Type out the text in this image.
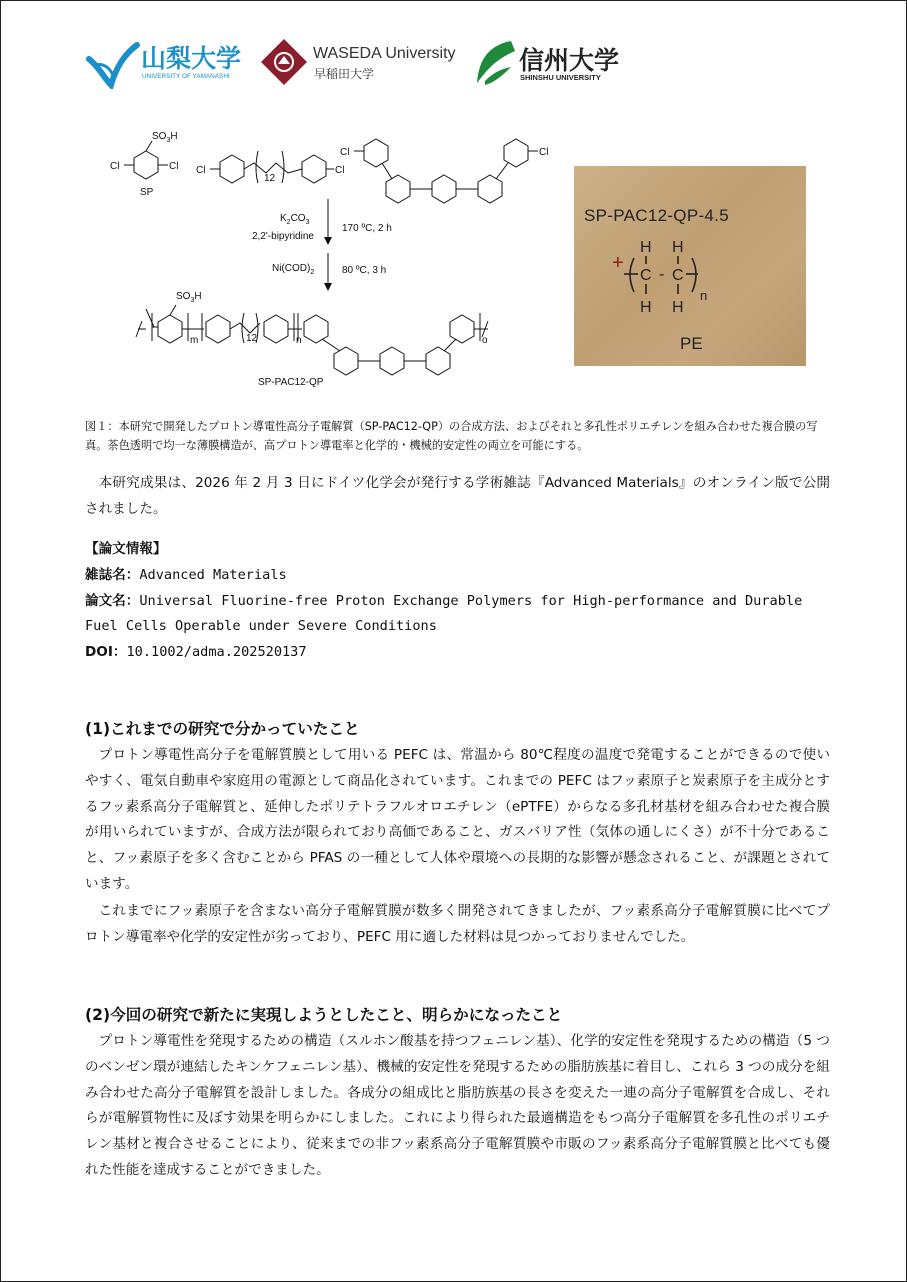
山梨大学
UNIVERSITY OF YAMANASHI
WASEDA University
早稲田大学	信州大学
SHINSHU UNIVERSITY
$SO_3H$
Cl	Cl
SP
Cl	Cl
12
Cl	Cl
$K_2CO_3$
2,2'-bipyridine
170 ºC, 2 h
$Ni(COD)_2$	80 ºC, 3 h
$SO_3H$
m	12	n	o
SP-PAC12-QP
SP-PAC12-QP-4.5
+
H H
C - C
H H
n
PE
図１：本研究で開発したプロトン導電性高分子電解質（SP-PAC12-QP）の合成方法、およびそれと多孔性ポリエチレンを組み合わせた複合膜の写真。茶色透明で均一な薄膜構造が、高プロトン導電率と化学的・機械的安定性の両立を可能にする。
本研究成果は、2026 年 2 月 3 日にドイツ化学会が発行する学術雑誌『Advanced Materials』のオンライン版で公開されました。
【論文情報】
雑誌名：Advanced Materials
論文名：Universal Fluorine-free Proton Exchange Polymers for High-performance and Durable Fuel Cells Operable under Severe Conditions
DOI：10.1002/adma.202520137
(1)これまでの研究で分かっていたこと
プロトン導電性高分子を電解質膜として用いる PEFC は、常温から 80℃程度の温度で発電することができるので使いやすく、電気自動車や家庭用の電源として商品化されています。これまでの PEFC はフッ素原子と炭素原子を主成分とするフッ素系高分子電解質と、延伸したポリテトラフルオロエチレン（ePTFE）からなる多孔材基材を組み合わせた複合膜が用いられていますが、合成方法が限られており高価であること、ガスバリア性（気体の通しにくさ）が不十分であること、フッ素原子を多く含むことから PFAS の一種として人体や環境への長期的な影響が懸念されること、が課題とされています。
これまでにフッ素原子を含まない高分子電解質膜が数多く開発されてきましたが、フッ素系高分子電解質膜に比べてプロトン導電率や化学的安定性が劣っており、PEFC 用に適した材料は見つかっておりませんでした。
(2)今回の研究で新たに実現しようとしたこと、明らかになったこと
プロトン導電性を発現するための構造（スルホン酸基を持つフェニレン基）、化学的安定性を発現するための構造（5 つのベンゼン環が連結したキンケフェニレン基）、機械的安定性を発現するための脂肪族基に着目し、これら 3 つの成分を組み合わせた高分子電解質を設計しました。各成分の組成比と脂肪族基の長さを変えた一連の高分子電解質を合成し、それらが電解質物性に及ぼす効果を明らかにしました。これにより得られた最適構造をもつ高分子電解質を多孔性のポリエチレン基材と複合させることにより、従来までの非フッ素系高分子電解質膜や市販のフッ素系高分子電解質膜と比べても優れた性能を達成することができました。
